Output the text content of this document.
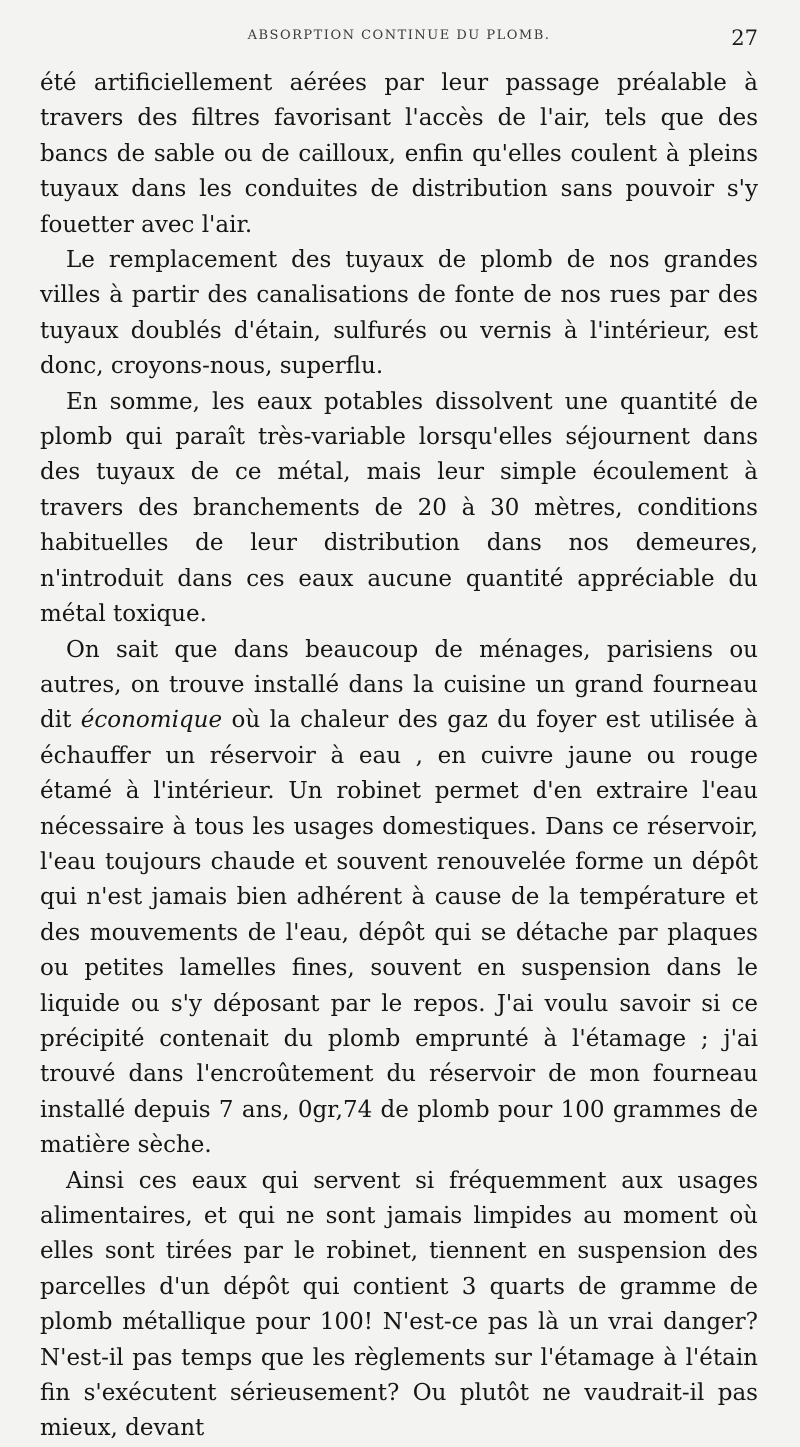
ABSORPTION CONTINUE DU PLOMB.	27

été artificiellement aérées par leur passage préalable à travers des filtres favorisant l'accès de l'air, tels que des bancs de sable ou de cailloux, enfin qu'elles coulent à pleins tuyaux dans les conduites de distribution sans pouvoir s'y fouetter avec l'air.

Le remplacement des tuyaux de plomb de nos grandes villes à partir des canalisations de fonte de nos rues par des tuyaux doublés d'étain, sulfurés ou vernis à l'intérieur, est donc, croyons-nous, superflu.

En somme, les eaux potables dissolvent une quantité de plomb qui paraît très-variable lorsqu'elles séjournent dans des tuyaux de ce métal, mais leur simple écoulement à travers des branchements de 20 à 30 mètres, conditions habituelles de leur distribution dans nos demeures, n'introduit dans ces eaux aucune quantité appréciable du métal toxique.

On sait que dans beaucoup de ménages, parisiens ou autres, on trouve installé dans la cuisine un grand fourneau dit économique où la chaleur des gaz du foyer est utilisée à échauffer un réservoir à eau , en cuivre jaune ou rouge étamé à l'intérieur. Un robinet permet d'en extraire l'eau nécessaire à tous les usages domestiques. Dans ce réservoir, l'eau toujours chaude et souvent renouvelée forme un dépôt qui n'est jamais bien adhérent à cause de la température et des mouvements de l'eau, dépôt qui se détache par plaques ou petites lamelles fines, souvent en suspension dans le liquide ou s'y déposant par le repos. J'ai voulu savoir si ce précipité contenait du plomb emprunté à l'étamage ; j'ai trouvé dans l'encroûtement du réservoir de mon fourneau installé depuis 7 ans, 0gr,74 de plomb pour 100 grammes de matière sèche.

Ainsi ces eaux qui servent si fréquemment aux usages alimentaires, et qui ne sont jamais limpides au moment où elles sont tirées par le robinet, tiennent en suspension des parcelles d'un dépôt qui contient 3 quarts de gramme de plomb métallique pour 100! N'est-ce pas là un vrai danger? N'est-il pas temps que les règlements sur l'étamage à l'étain fin s'exécutent sérieusement? Ou plutôt ne vaudrait-il pas mieux, devant
